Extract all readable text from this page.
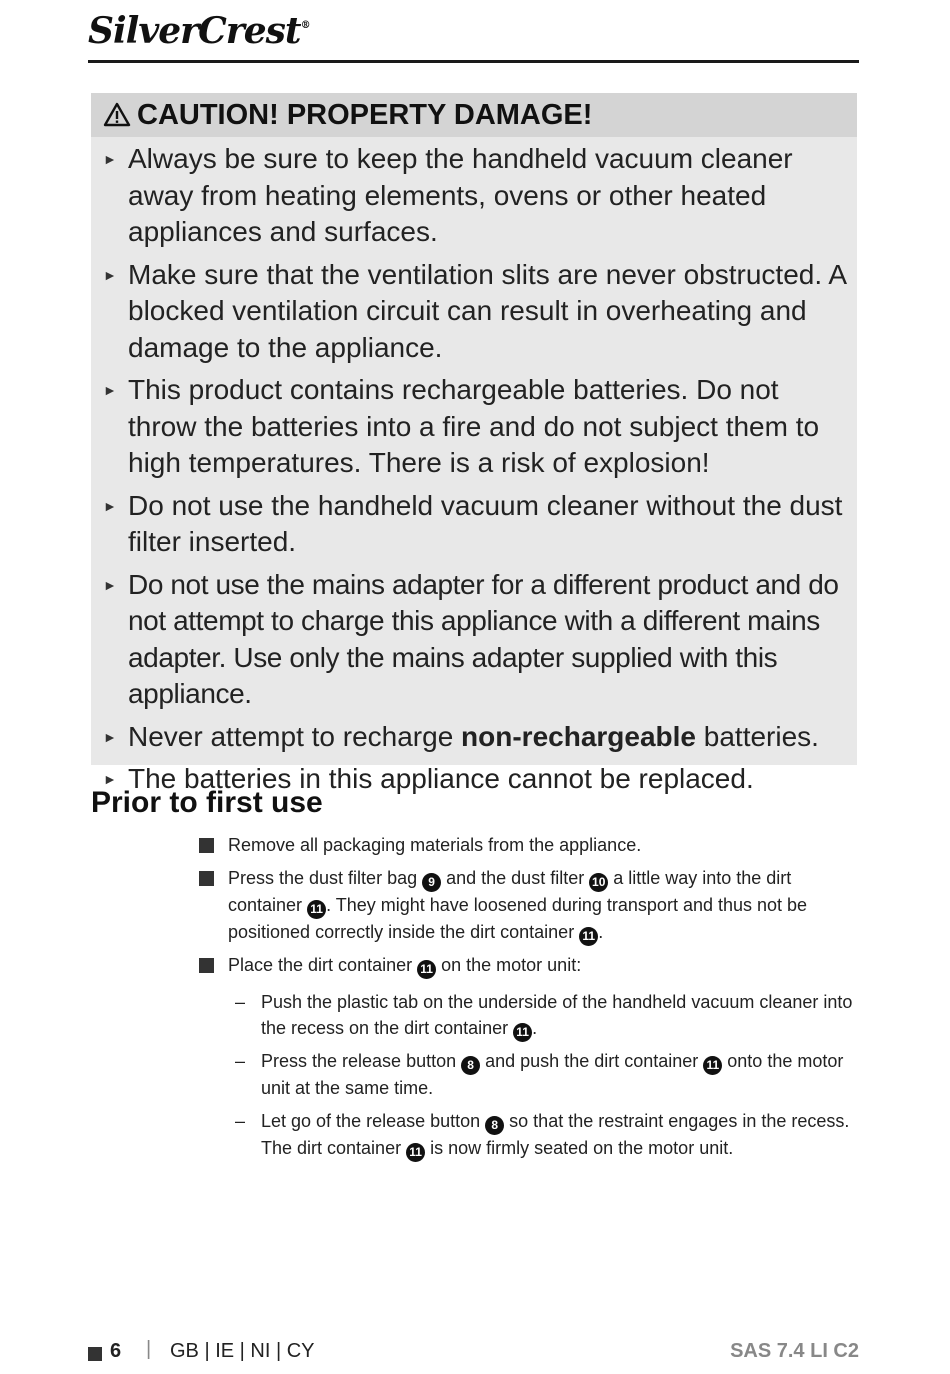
SilverCrest®
CAUTION! PROPERTY DAMAGE!
► Always be sure to keep the handheld vacuum cleaner away from heating elements, ovens or other heated appliances and surfaces.
► Make sure that the ventilation slits are never obstructed. A blocked ventilation circuit can result in overheating and damage to the appliance.
► This product contains rechargeable batteries. Do not throw the batteries into a fire and do not subject them to high temperatures. There is a risk of explosion!
► Do not use the handheld vacuum cleaner without the dust filter inserted.
► Do not use the mains adapter for a different product and do not attempt to charge this appliance with a different mains adapter. Use only the mains adapter supplied with this appliance.
► Never attempt to recharge non-rechargeable batteries.
► The batteries in this appliance cannot be replaced.
Prior to first use
Remove all packaging materials from the appliance.
Press the dust filter bag 9 and the dust filter 10 a little way into the dirt container 11 . They might have loosened during transport and thus not be positioned correctly inside the dirt container 11 .
Place the dirt container 11 on the motor unit:
– Push the plastic tab on the underside of the handheld vacuum cleaner into the recess on the dirt container 11 .
– Press the release button 8 and push the dirt container 11 onto the motor unit at the same time.
– Let go of the release button 8 so that the restraint engages in the recess. The dirt container 11 is now firmly seated on the motor unit.
6 | GB | IE | NI | CY	SAS 7.4 LI C2
